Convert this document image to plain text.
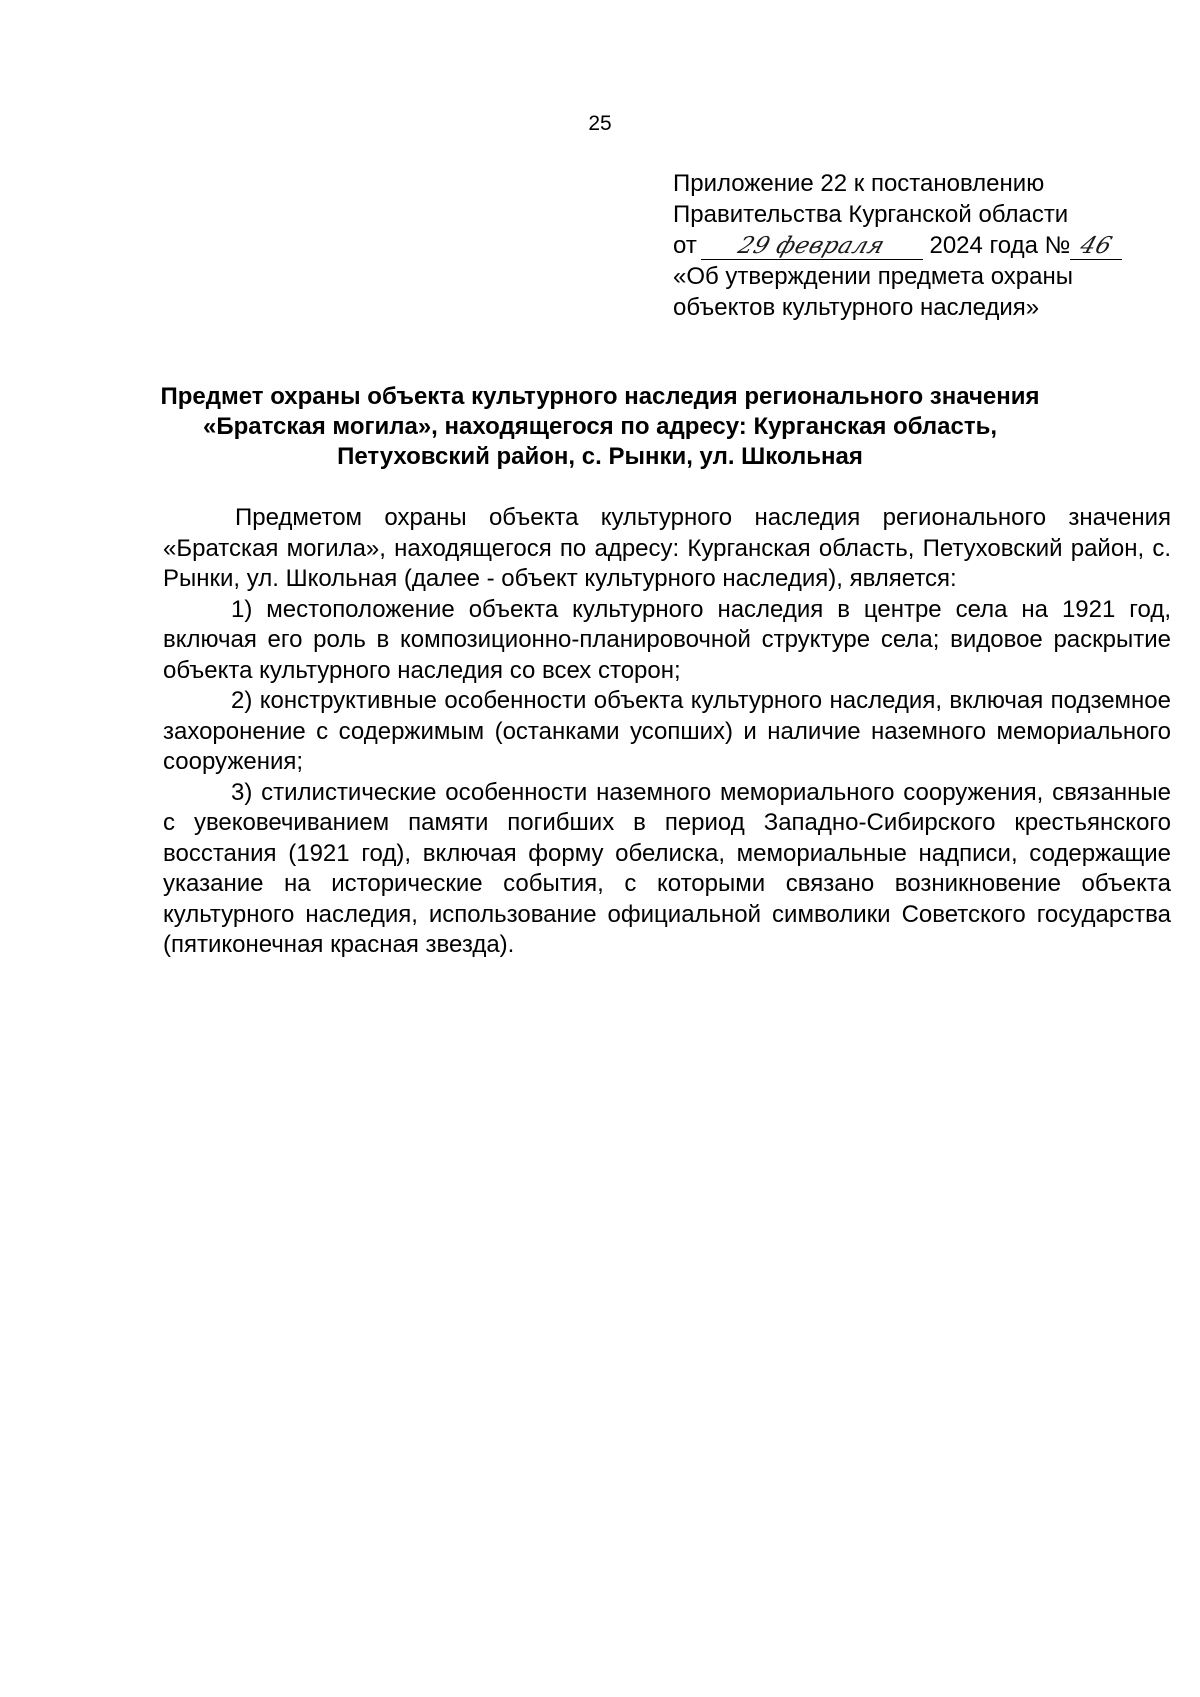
25
Приложение 22 к постановлению
Правительства Курганской области
от 29 февраля 2024 года № 46
«Об утверждении предмета охраны
объектов культурного наследия»
Предмет охраны объекта культурного наследия регионального значения
«Братская могила», находящегося по адресу: Курганская область,
Петуховский район, с. Рынки, ул. Школьная

Предметом охраны объекта культурного наследия регионального значения «Братская могила», находящегося по адресу: Курганская область, Петуховский район, с. Рынки, ул. Школьная (далее - объект культурного наследия), является:

1) местоположение объекта культурного наследия в центре села на 1921 год, включая его роль в композиционно-планировочной структуре села; видовое раскрытие объекта культурного наследия со всех сторон;

2) конструктивные особенности объекта культурного наследия, включая подземное захоронение с содержимым (останками усопших) и наличие наземного мемориального сооружения;

3) стилистические особенности наземного мемориального сооружения, связанные с увековечиванием памяти погибших в период Западно-Сибирского крестьянского восстания (1921 год), включая форму обелиска, мемориальные надписи, содержащие указание на исторические события, с которыми связано возникновение объекта культурного наследия, использование официальной символики Советского государства (пятиконечная красная звезда).
